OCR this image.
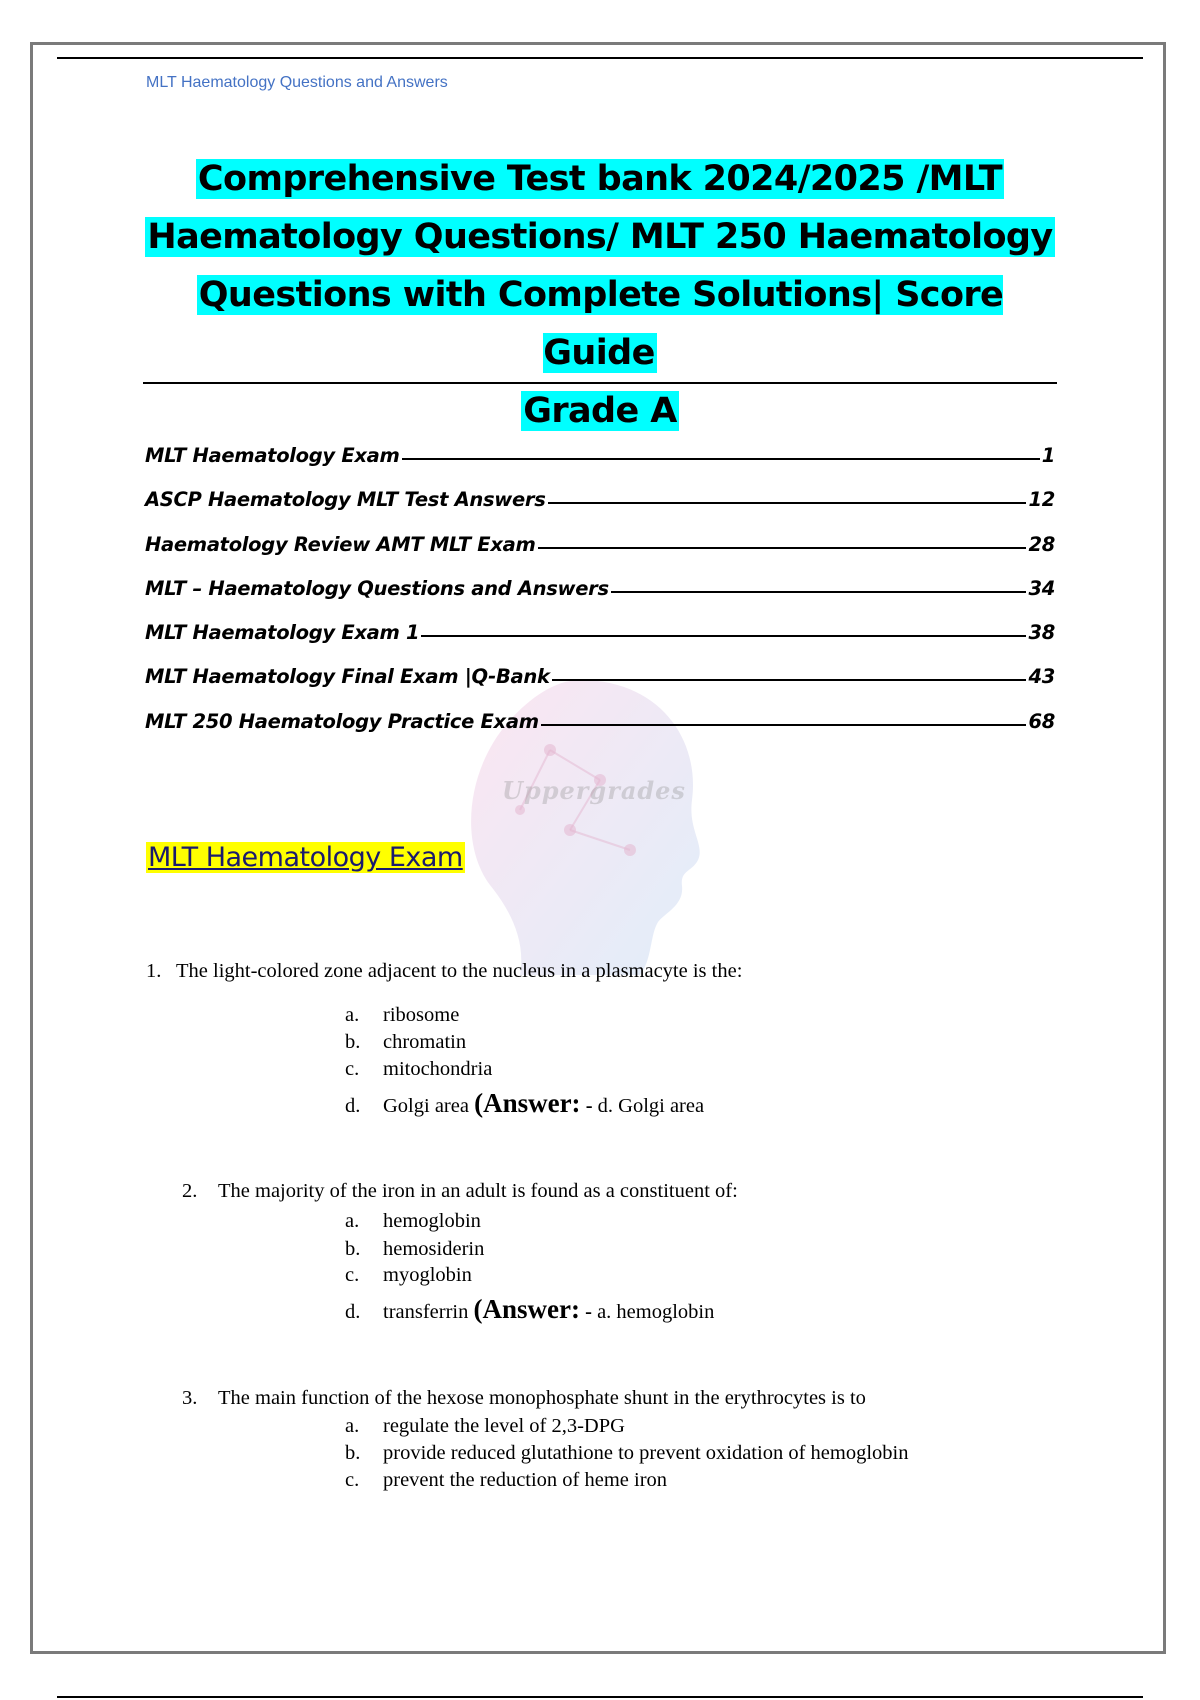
MLT Haematology Questions and Answers
Comprehensive Test bank 2024/2025 /MLT
Haematology Questions/ MLT 250 Haematology
Questions with Complete Solutions| Score Guide
Grade A
Uppergrades
MLT Haematology Exam	1
ASCP Haematology MLT Test Answers	12
Haematology Review AMT MLT Exam	28
MLT – Haematology Questions and Answers	34
MLT Haematology Exam 1	38
MLT Haematology Final Exam |Q-Bank	43
MLT 250 Haematology Practice Exam	68
MLT Haematology Exam
1. The light-colored zone adjacent to the nucleus in a plasmacyte is the:
a. ribosome
b. chromatin
c. mitochondria
d. Golgi area (Answer: - d. Golgi area
2. The majority of the iron in an adult is found as a constituent of:
a. hemoglobin
b. hemosiderin
c. myoglobin
d. transferrin (Answer: - a. hemoglobin
3. The main function of the hexose monophosphate shunt in the erythrocytes is to
a. regulate the level of 2,3-DPG
b. provide reduced glutathione to prevent oxidation of hemoglobin
c. prevent the reduction of heme iron
